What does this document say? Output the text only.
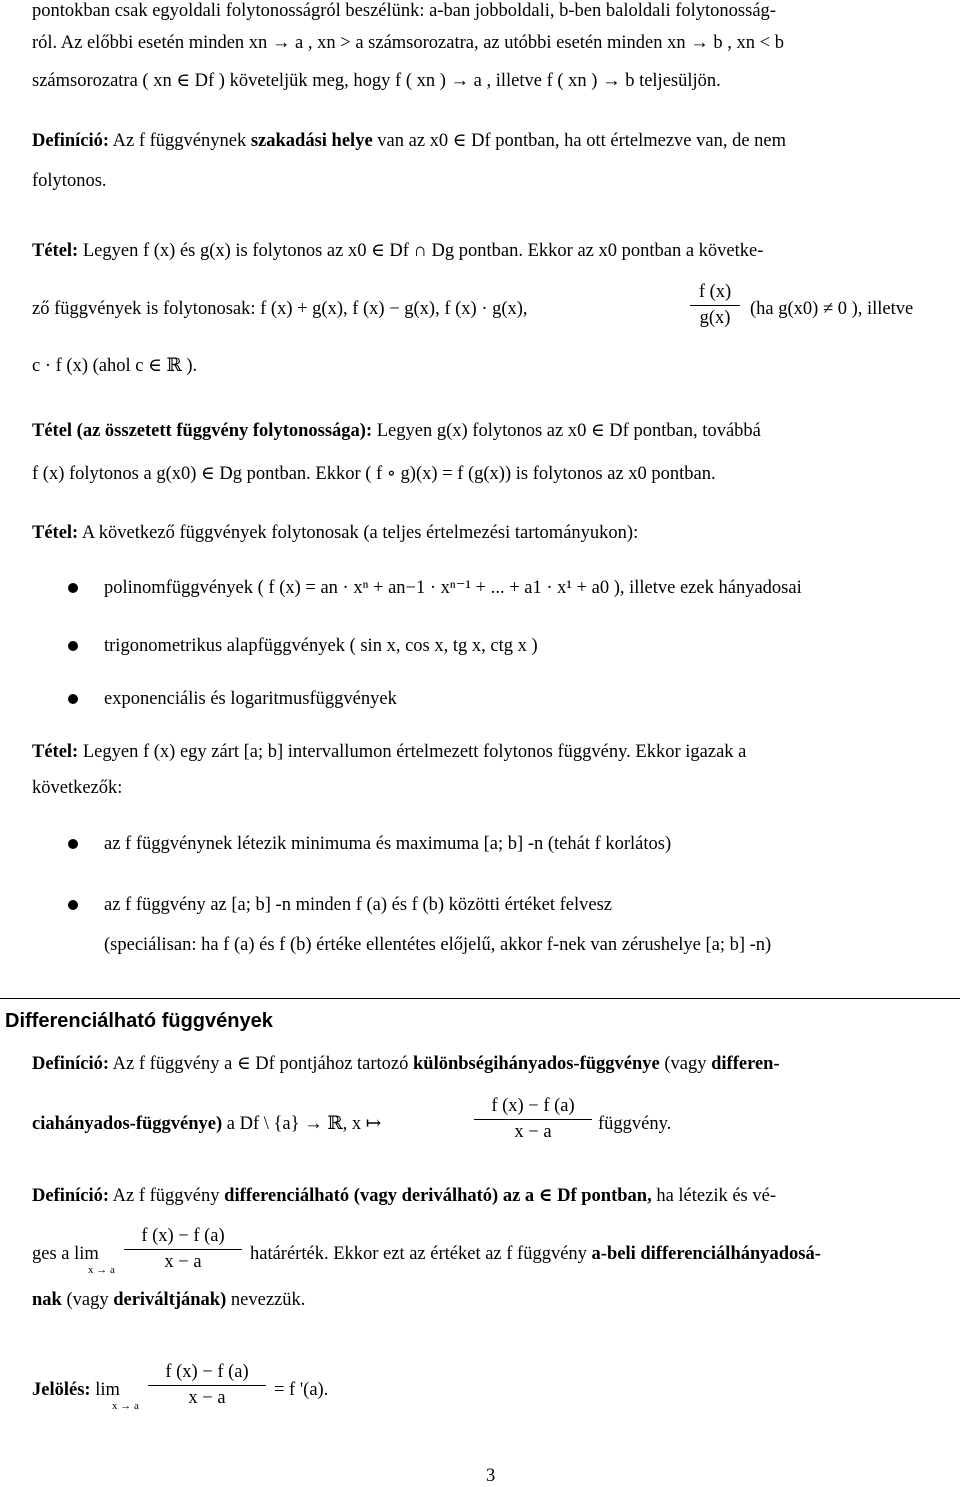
pontokban csak egyoldali folytonosságról beszélünk: a-ban jobboldali, b-ben baloldali folytonosság-
ról. Az előbbi esetén minden xn → a , xn > a számsorozatra, az utóbbi esetén minden xn → b , xn < b
számsorozatra ( xn ∈ Df ) követeljük meg, hogy f ( xn ) → a , illetve f ( xn ) → b teljesüljön.
Definíció: Az f függvénynek szakadási helye van az x0 ∈ Df pontban, ha ott értelmezve van, de nem
folytonos.
Tétel: Legyen f (x) és g(x) is folytonos az x0 ∈ Df ∩ Dg pontban. Ekkor az x0 pontban a követke-
ző függvények is folytonosak: f (x) + g(x), f (x) − g(x), f (x) · g(x),
f (x)
g(x)	(ha g(x0) ≠ 0 ), illetve
c · f (x) (ahol c ∈ ℝ ).
Tétel (az összetett függvény folytonossága): Legyen g(x) folytonos az x0 ∈ Df pontban, továbbá
f (x) folytonos a g(x0) ∈ Dg pontban. Ekkor ( f ∘ g)(x) = f (g(x)) is folytonos az x0 pontban.
Tétel: A következő függvények folytonosak (a teljes értelmezési tartományukon):
polinomfüggvények ( f (x) = an · xⁿ + an−1 · xⁿ⁻¹ + ... + a1 · x¹ + a0 ), illetve ezek hányadosai
trigonometrikus alapfüggvények ( sin x, cos x, tg x, ctg x )
exponenciális és logaritmusfüggvények
Tétel: Legyen f (x) egy zárt [a; b] intervallumon értelmezett folytonos függvény. Ekkor igazak a
következők:
az f függvénynek létezik minimuma és maximuma [a; b] -n (tehát f korlátos)
az f függvény az [a; b] -n minden f (a) és f (b) közötti értéket felvesz
(speciálisan: ha f (a) és f (b) értéke ellentétes előjelű, akkor f-nek van zérushelye [a; b] -n)
Differenciálható függvények
Definíció: Az f függvény a ∈ Df pontjához tartozó különbségihányados-függvénye (vagy differen-
ciahányados-függvénye) a Df \ {a} → ℝ, x ↦
f (x) − f (a)
x − a	függvény.
Definíció: Az f függvény differenciálható (vagy deriválható) az a ∈ Df pontban, ha létezik és vé-
ges a lim
x → a
f (x) − f (a)
x − a	határérték. Ekkor ezt az értéket az f függvény a-beli differenciálhányadosá-
nak (vagy deriváltjának) nevezzük.
Jelölés: lim
x → a
f (x) − f (a)
x − a	= f '(a).
3
